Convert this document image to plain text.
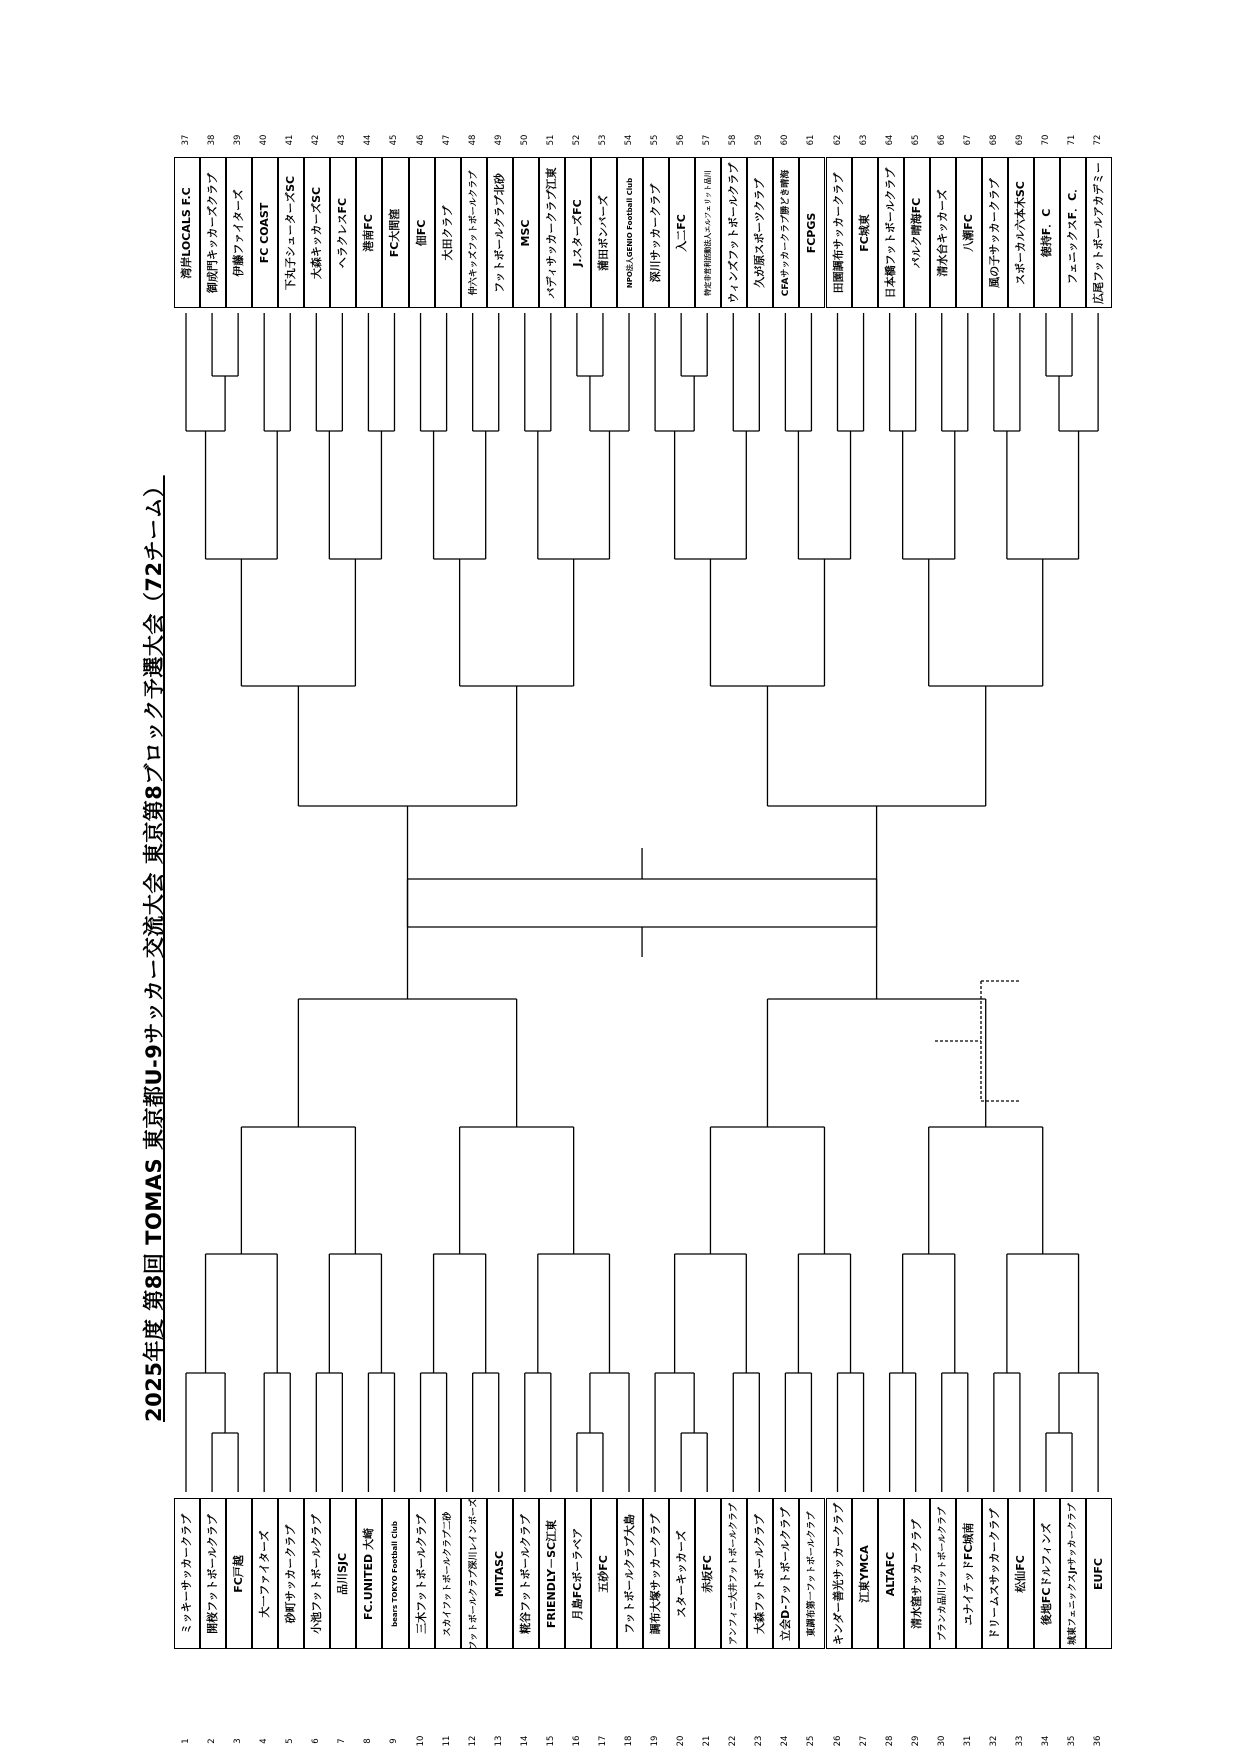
2025年度 第8回 TOMAS 東京都U-9サッカー交流大会 東京第8ブロック予選大会（72チーム）
ミッキーサッカークラブ
1
開桜フットボールクラブ
2
FC戸越
3
大一ファイターズ
4
砂町サッカークラブ
5
小池フットボールクラブ
6
品川SJC
7
FC.UNITED 大崎
8
bears TOKYO Football Club
9
三木フットボールクラブ
10
スカイフットボールクラブ二砂
11
フットボールクラブ深川レインボーズ
12
MITASC
13
糀谷フットボールクラブ
14
FRIENDLY－SC江東
15
月島FCボーラベア
16
五砂FC
17
フットボールクラブ大島
18
調布大塚サッカークラブ
19
スターキッカーズ
20
赤坂FC
21
アンフィニ大井フットボールクラブ
22
大森フットボールクラブ
23
立会D-フットボールクラブ
24
東調布第一フットボールクラブ
25
キンダー善光サッカークラブ
26
江東YMCA
27
ALTAFC
28
清水窪サッカークラブ
29
ブランカ品川フットボールクラブ
30
ユナイテッドFC城南
31
ドリームスサッカークラブ
32
松仙FC
33
後地FCドルフィンズ
34
城東フェニックスJrサッカークラブ
35
EUFC
36
湾岸LOCALS F.C
37
御成門キッカーズクラブ
38
伊藤ファイターズ
39
FC COAST
40
下丸子シューターズSC
41
大森キッカーズSC
42
ヘラクレスFC
43
港南FC
44
FC大間窪
45
佃FC
46
大田クラブ
47
仲六キッズフットボールクラブ
48
フットボールクラブ北砂
49
MSC
50
バディサッカークラブ江東
51
J.スターズFC
52
蒲田ボンバーズ
53
NPO法人GENIO Football Club
54
深川サッカークラブ
55
入二FC
56
特定非営利活動法人エルフェリット品川
57
ウィンズフットボールクラブ
58
久が原スポーツクラブ
59
CFAサッカークラブ勝どき晴海
60
FCPGS
61
田園調布サッカークラブ
62
FC城東
63
日本橋フットボールクラブ
64
パルク晴海FC
65
清水台キッカーズ
66
八潮FC
67
風の子サッカークラブ
68
スポーカル六本木SC
69
徳持F．C
70
フェニックスF．C．
71
広尾フットボールアカデミー
72
